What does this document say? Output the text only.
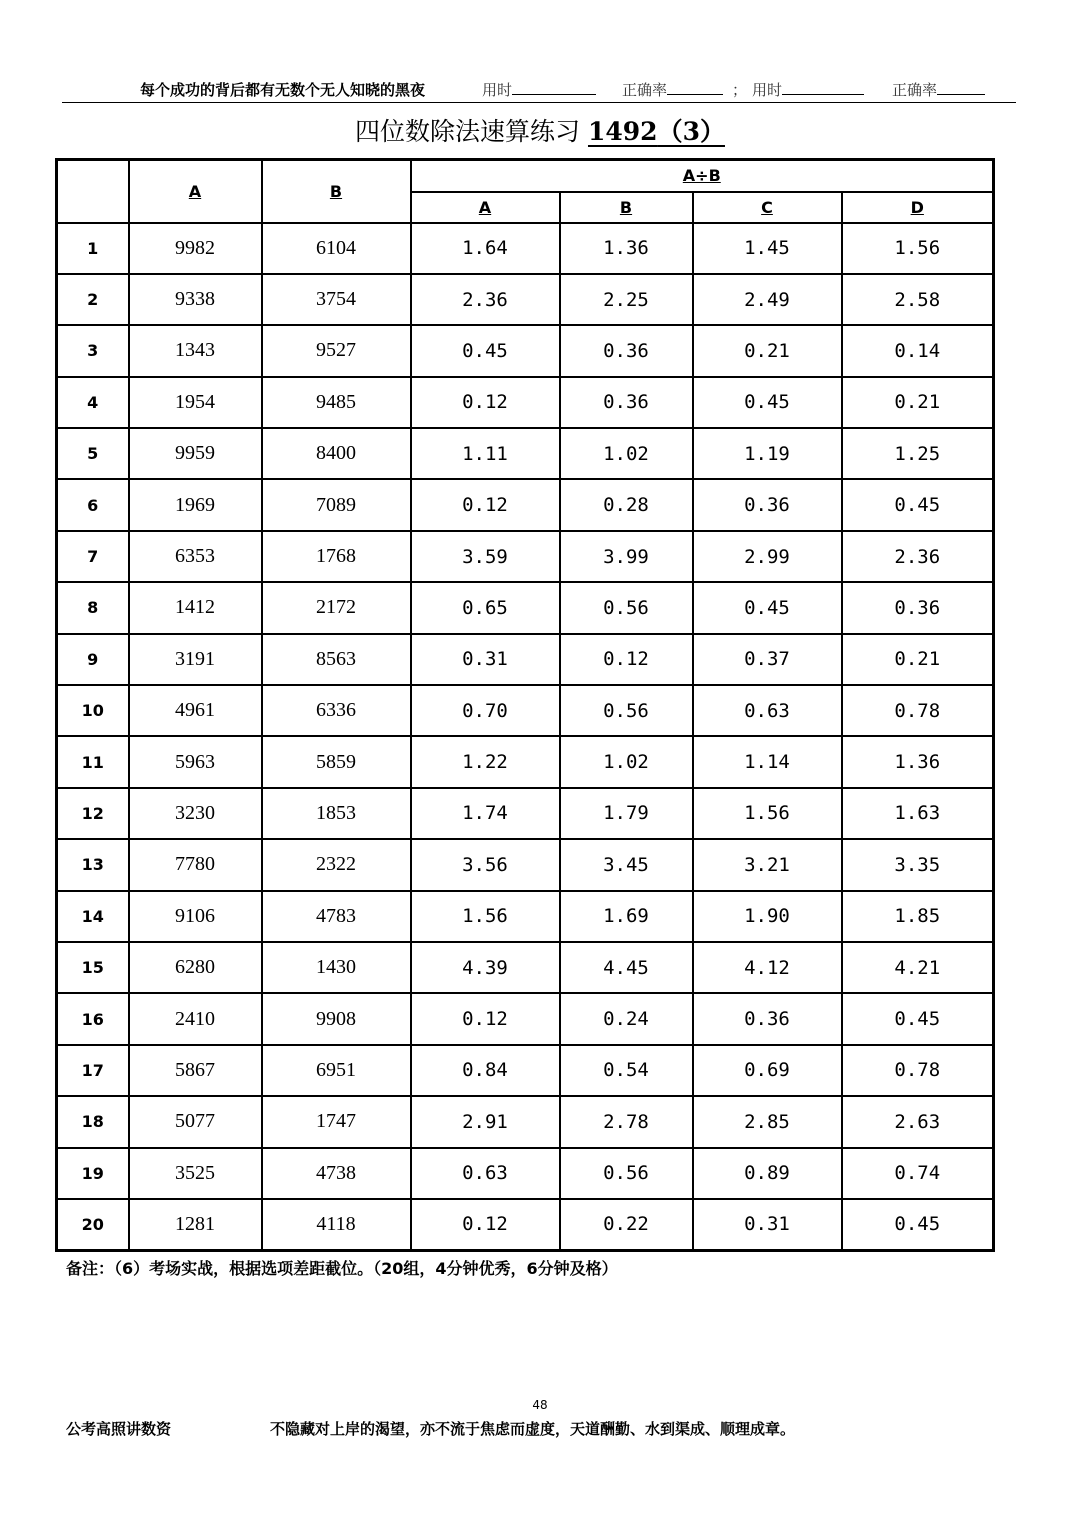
每个成功的背后都有无数个无人知晓的黑夜	用时	正确率	； 用时	正确率
四位数除法速算练习 1492（3）
	A	B	A÷B			
			A	B	C	D
1	9982	6104	1.64	1.36	1.45	1.56
2	9338	3754	2.36	2.25	2.49	2.58
3	1343	9527	0.45	0.36	0.21	0.14
4	1954	9485	0.12	0.36	0.45	0.21
5	9959	8400	1.11	1.02	1.19	1.25
6	1969	7089	0.12	0.28	0.36	0.45
7	6353	1768	3.59	3.99	2.99	2.36
8	1412	2172	0.65	0.56	0.45	0.36
9	3191	8563	0.31	0.12	0.37	0.21
10	4961	6336	0.70	0.56	0.63	0.78
11	5963	5859	1.22	1.02	1.14	1.36
12	3230	1853	1.74	1.79	1.56	1.63
13	7780	2322	3.56	3.45	3.21	3.35
14	9106	4783	1.56	1.69	1.90	1.85
15	6280	1430	4.39	4.45	4.12	4.21
16	2410	9908	0.12	0.24	0.36	0.45
17	5867	6951	0.84	0.54	0.69	0.78
18	5077	1747	2.91	2.78	2.85	2.63
19	3525	4738	0.63	0.56	0.89	0.74
20	1281	4118	0.12	0.22	0.31	0.45
备注：（6）考场实战，根据选项差距截位。（20组，4分钟优秀，6分钟及格）
48
公考高照讲数资	不隐藏对上岸的渴望，亦不流于焦虑而虚度，天道酬勤、水到渠成、顺理成章。
